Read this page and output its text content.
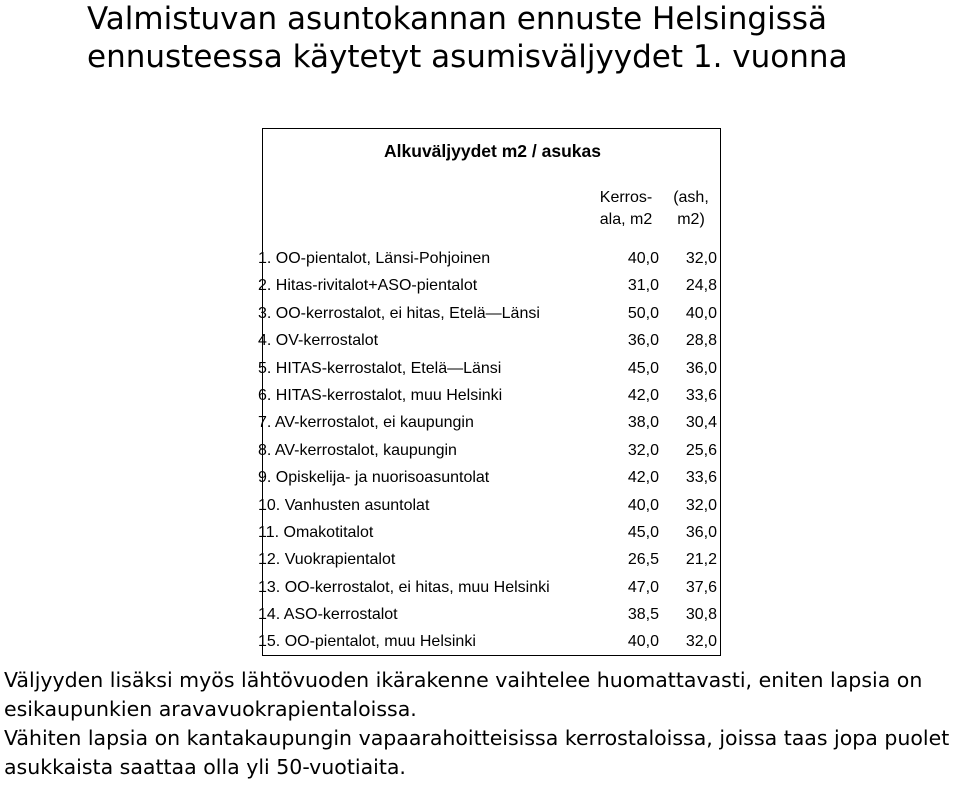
Valmistuvan asuntokannan ennuste Helsingissä
ennusteessa käytetyt asumisväljyydet 1. vuonna
Alkuväljyydet m2 / asukas
Kerros-
ala, m2
(ash,
m2)
1. OO-pientalot, Länsi-Pohjoinen	40,0 32,0
2. Hitas-rivitalot+ASO-pientalot	31,0 24,8
3. OO-kerrostalot, ei hitas, Etelä—Länsi	50,0 40,0
4. OV-kerrostalot	36,0 28,8
5. HITAS-kerrostalot, Etelä—Länsi	45,0 36,0
6. HITAS-kerrostalot, muu Helsinki	42,0 33,6
7. AV-kerrostalot, ei kaupungin	38,0 30,4
8. AV-kerrostalot, kaupungin	32,0 25,6
9. Opiskelija- ja nuorisoasuntolat	42,0 33,6
10. Vanhusten asuntolat	40,0 32,0
11. Omakotitalot	45,0 36,0
12. Vuokrapientalot	26,5 21,2
13. OO-kerrostalot, ei hitas, muu Helsinki	47,0 37,6
14. ASO-kerrostalot	38,5 30,8
15. OO-pientalot, muu Helsinki	40,0 32,0

Väljyyden lisäksi myös lähtövuoden ikärakenne vaihtelee huomattavasti, eniten lapsia on esikaupunkien aravavuokrapientaloissa.

Vähiten lapsia on kantakaupungin vapaarahoitteisissa kerrostaloissa, joissa taas jopa puolet asukkaista saattaa olla yli 50-vuotiaita.
